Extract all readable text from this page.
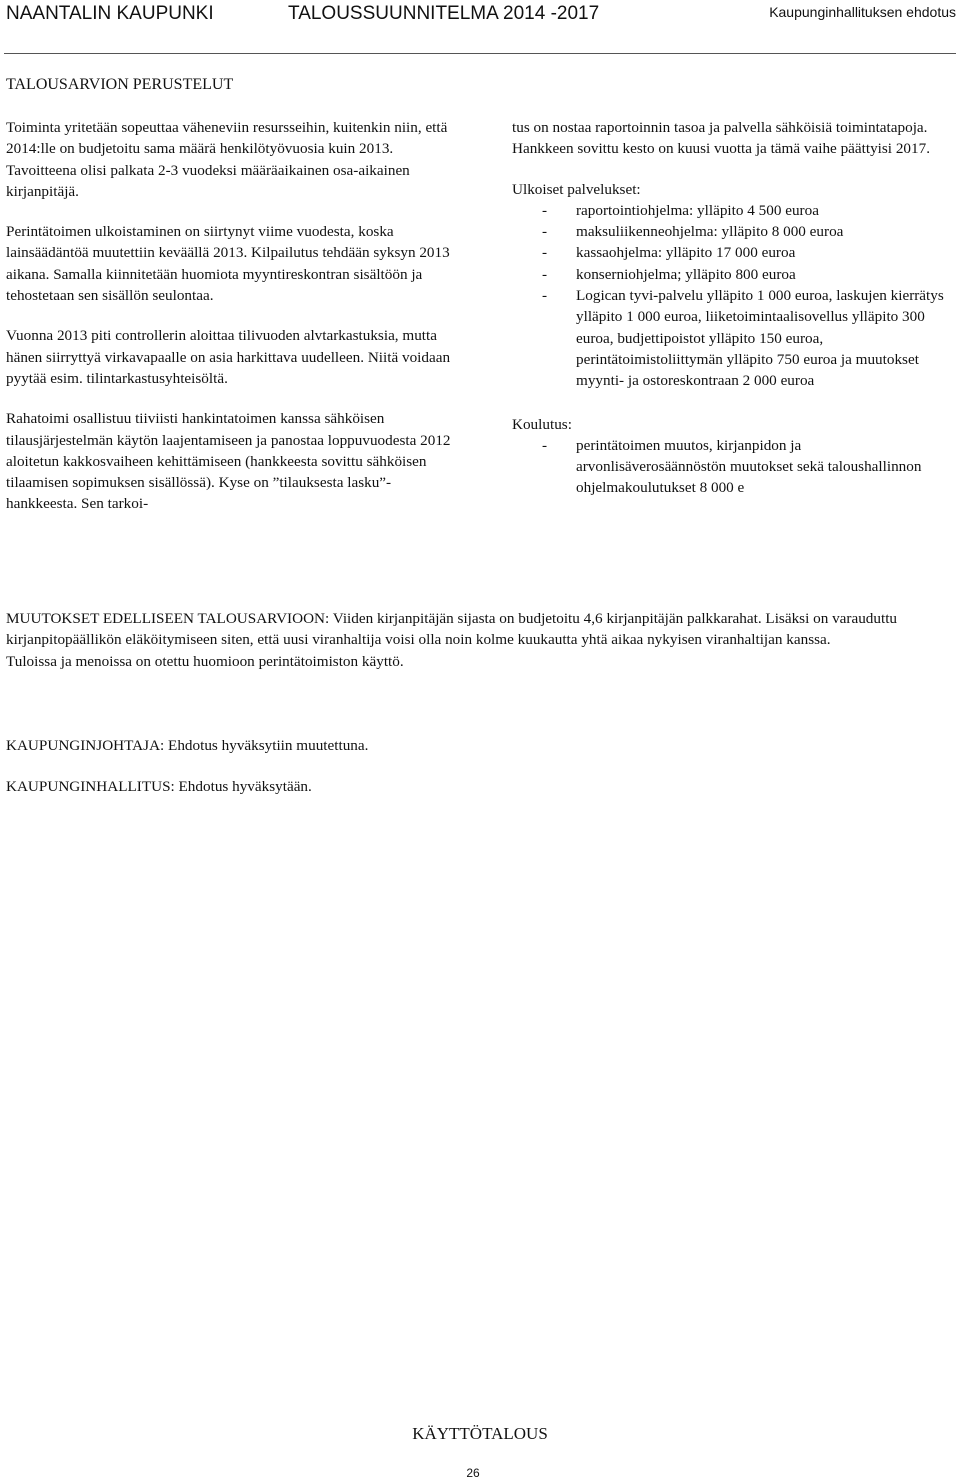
NAANTALIN KAUPUNKI	TALOUSSUUNNITELMA 2014 -2017	Kaupunginhallituksen ehdotus
TALOUSARVION PERUSTELUT

Toiminta yritetään sopeuttaa väheneviin resursseihin, kuitenkin niin, että 2014:lle on budjetoitu sama määrä henkilötyövuosia kuin 2013. Tavoitteena olisi palkata 2-3 vuodeksi määräaikainen osa-aikainen kirjanpitäjä.

Perintätoimen ulkoistaminen on siirtynyt viime vuodesta, koska lainsäädäntöä muutettiin keväällä 2013. Kilpailutus tehdään syksyn 2013 aikana. Samalla kiinnitetään huomiota myyntireskontran sisältöön ja tehostetaan sen sisällön seulontaa.

Vuonna 2013 piti controllerin aloittaa tilivuoden alvtarkastuksia, mutta hänen siirryttyä virkavapaalle on asia harkittava uudelleen. Niitä voidaan pyytää esim. tilintarkastusyhteisöltä.

Rahatoimi osallistuu tiiviisti hankintatoimen kanssa sähköisen tilausjärjestelmän käytön laajentamiseen ja panostaa loppuvuodesta 2012 aloitetun kakkosvaiheen kehittämiseen (hankkeesta sovittu sähköisen tilaamisen sopimuksen sisällössä). Kyse on ”tilauksesta lasku”-hankkeesta. Sen tarkoi-

tus on nostaa raportoinnin tasoa ja palvella sähköisiä toimintatapoja. Hankkeen sovittu kesto on kuusi vuotta ja tämä vaihe päättyisi 2017.

Ulkoiset palvelukset:
- raportointiohjelma: ylläpito 4 500 euroa
- maksuliikenneohjelma: ylläpito 8 000 euroa
- kassaohjelma: ylläpito 17 000 euroa
- konserniohjelma; ylläpito 800 euroa
- Logican tyvi-palvelu ylläpito 1 000 euroa, laskujen kierrätys ylläpito 1 000 euroa, liiketoimintaalisovellus ylläpito 300 euroa, budjettipoistot ylläpito 150 euroa, perintätoimistoliittymän ylläpito 750 euroa ja muutokset myynti- ja ostoreskontraan 2 000 euroa
Koulutus:
- perintätoimen muutos, kirjanpidon ja arvonlisäverosäännöstön muutokset sekä taloushallinnon ohjelmakoulutukset 8 000 e

MUUTOKSET EDELLISEEN TALOUSARVIOON: Viiden kirjanpitäjän sijasta on budjetoitu 4,6 kirjanpitäjän palkkarahat. Lisäksi on varauduttu kirjanpitopäällikön eläköitymiseen siten, että uusi viranhaltija voisi olla noin kolme kuukautta yhtä aikaa nykyisen viranhaltijan kanssa.

Tuloissa ja menoissa on otettu huomioon perintätoimiston käyttö.

KAUPUNGINJOHTAJA: Ehdotus hyväksytiin muutettuna.
KAUPUNGINHALLITUS: Ehdotus hyväksytään.
KÄYTTÖTALOUS
26
